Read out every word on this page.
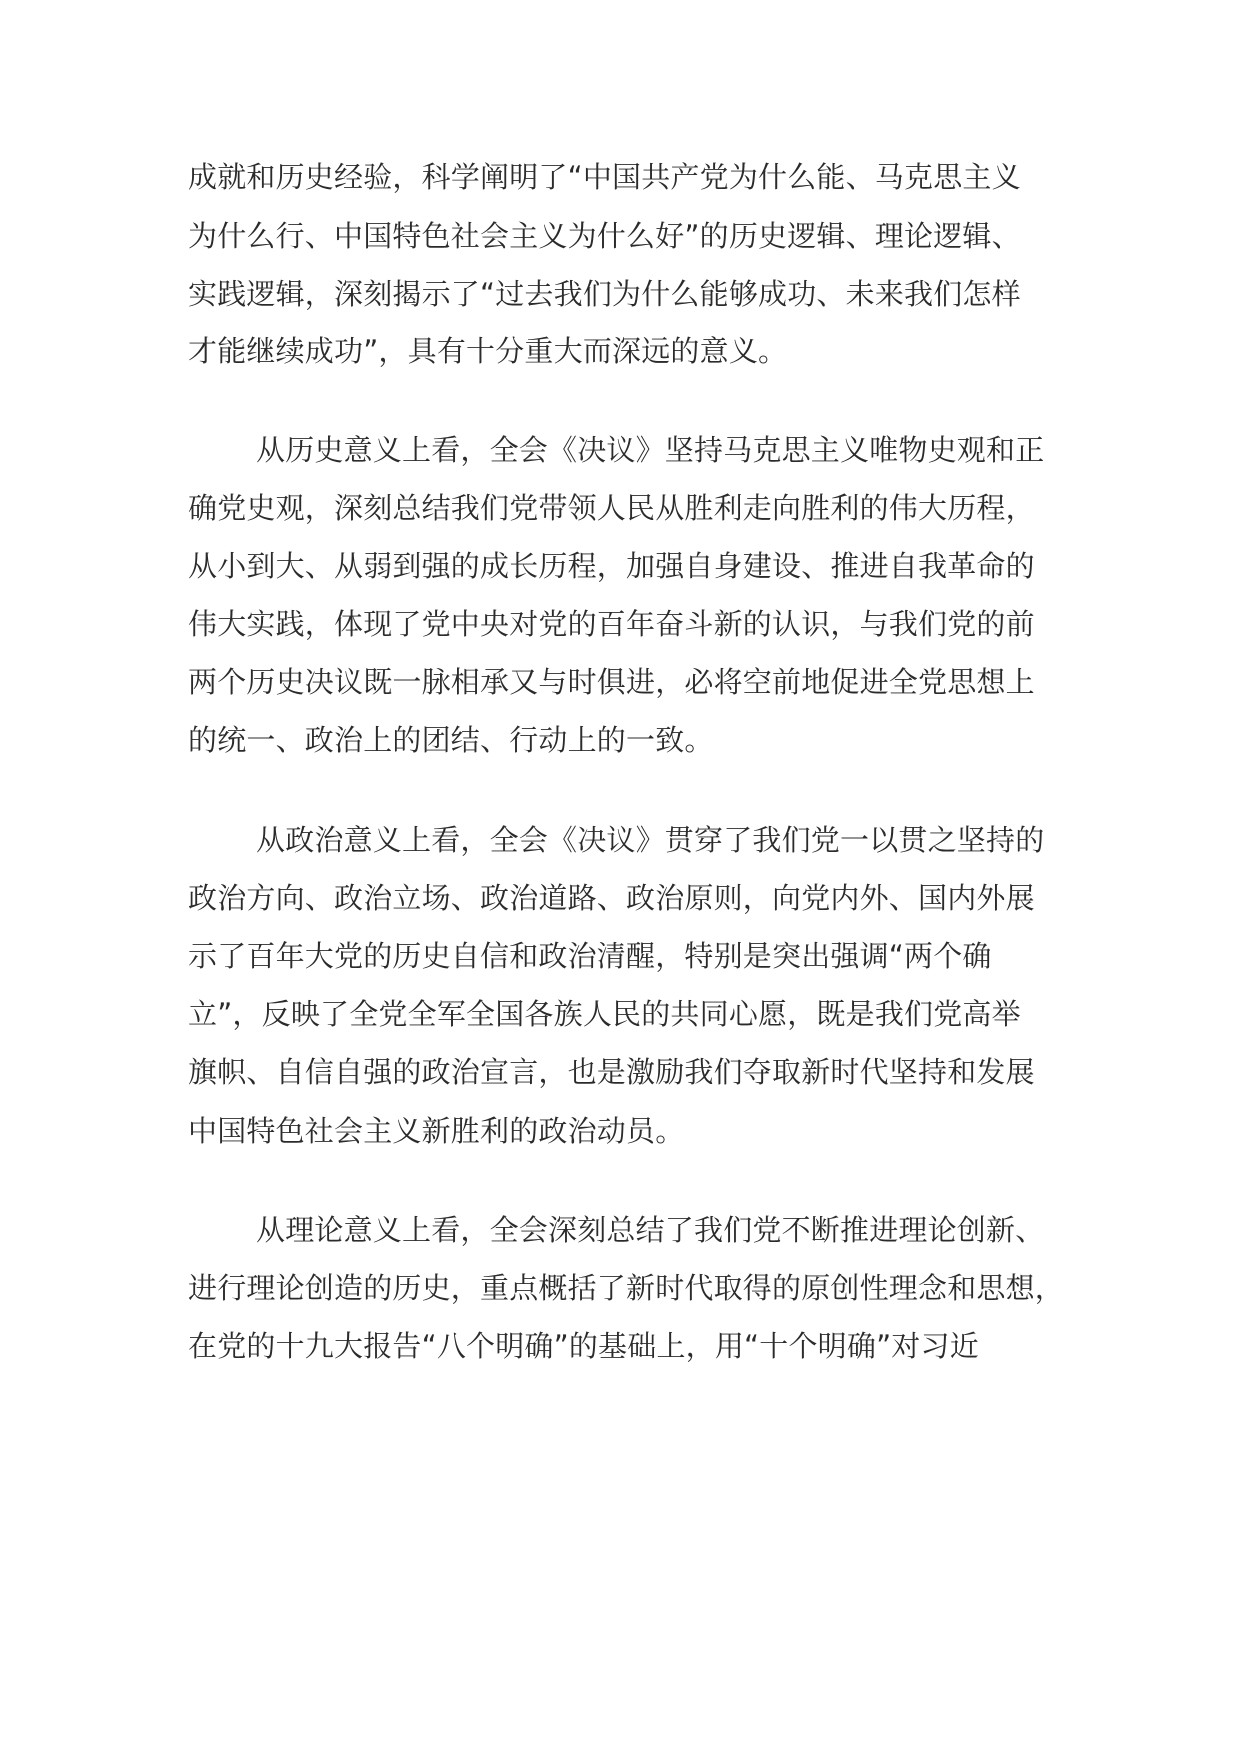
成就和历史经验，科学阐明了“中国共产党为什么能、马克思主义
为什么行、中国特色社会主义为什么好”的历史逻辑、理论逻辑、
实践逻辑，深刻揭示了“过去我们为什么能够成功、未来我们怎样
才能继续成功”，具有十分重大而深远的意义。
从历史意义上看，全会《决议》坚持马克思主义唯物史观和正
确党史观，深刻总结我们党带领人民从胜利走向胜利的伟大历程，
从小到大、从弱到强的成长历程，加强自身建设、推进自我革命的
伟大实践，体现了党中央对党的百年奋斗新的认识，与我们党的前
两个历史决议既一脉相承又与时俱进，必将空前地促进全党思想上
的统一、政治上的团结、行动上的一致。
从政治意义上看，全会《决议》贯穿了我们党一以贯之坚持的
政治方向、政治立场、政治道路、政治原则，向党内外、国内外展
示了百年大党的历史自信和政治清醒，特别是突出强调“两个确
立”，反映了全党全军全国各族人民的共同心愿，既是我们党高举
旗帜、自信自强的政治宣言，也是激励我们夺取新时代坚持和发展
中国特色社会主义新胜利的政治动员。
从理论意义上看，全会深刻总结了我们党不断推进理论创新、
进行理论创造的历史，重点概括了新时代取得的原创性理念和思想，
在党的十九大报告“八个明确”的基础上，用“十个明确”对习近
